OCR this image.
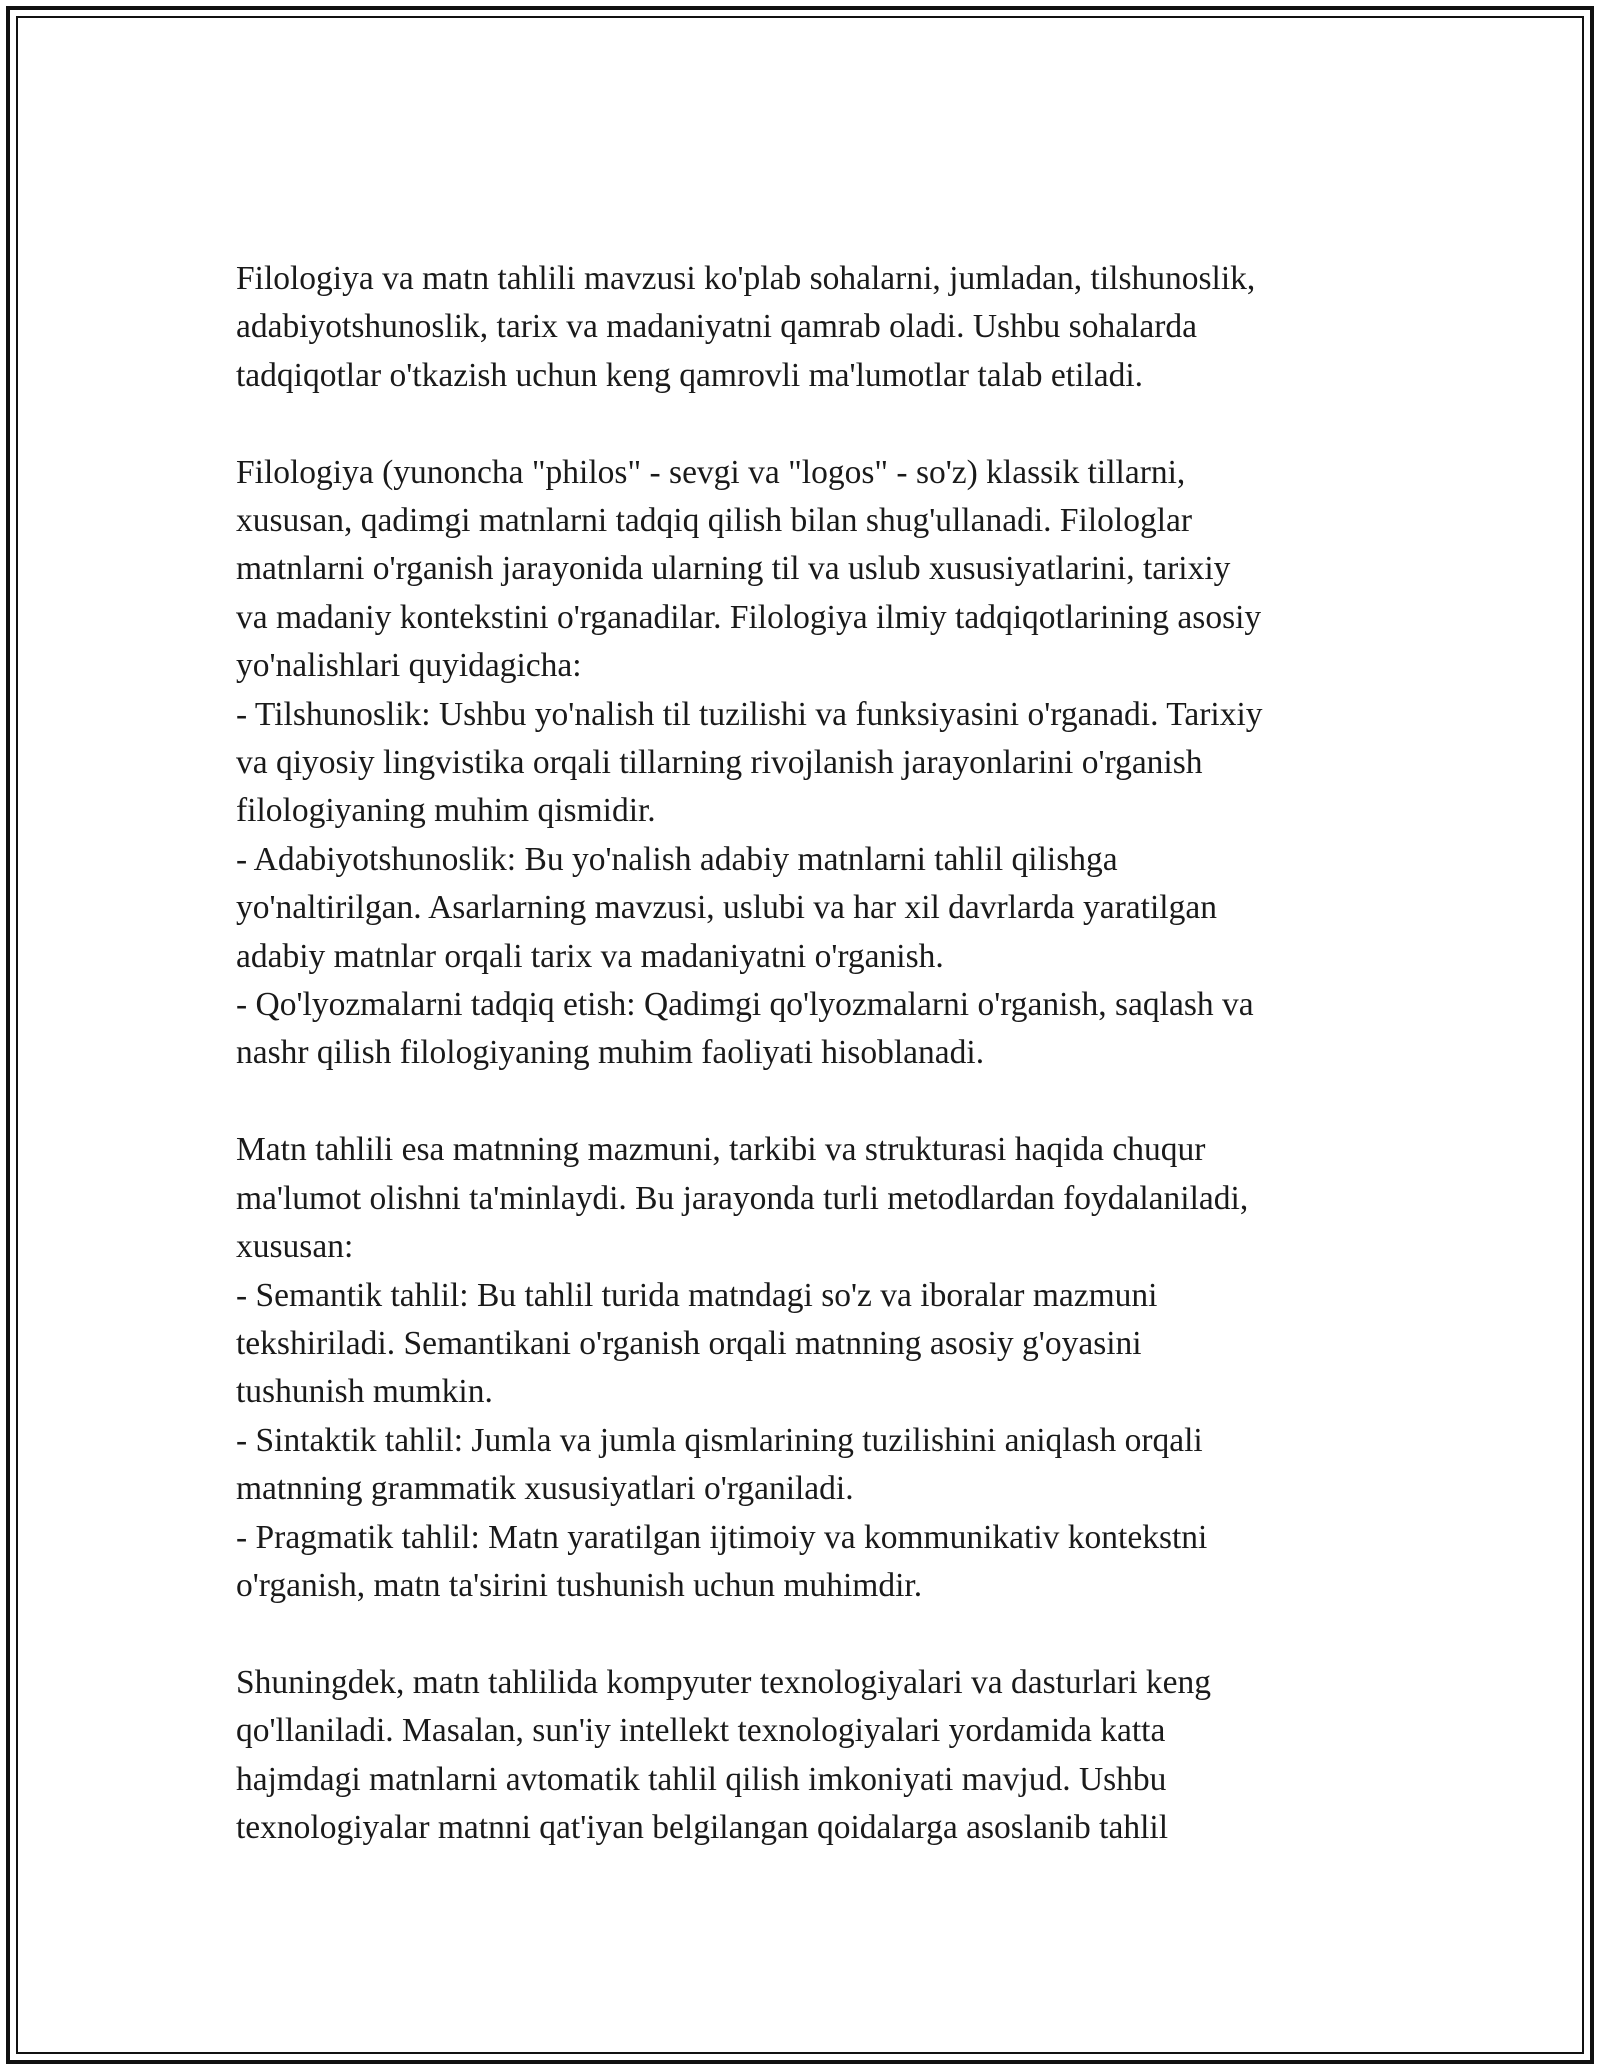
Filologiya va matn tahlili mavzusi ko'plab sohalarni, jumladan, tilshunoslik,
adabiyotshunoslik, tarix va madaniyatni qamrab oladi. Ushbu sohalarda
tadqiqotlar o'tkazish uchun keng qamrovli ma'lumotlar talab etiladi.
Filologiya (yunoncha "philos" - sevgi va "logos" - so'z) klassik tillarni,
xususan, qadimgi matnlarni tadqiq qilish bilan shug'ullanadi. Filologlar
matnlarni o'rganish jarayonida ularning til va uslub xususiyatlarini, tarixiy
va madaniy kontekstini o'rganadilar. Filologiya ilmiy tadqiqotlarining asosiy
yo'nalishlari quyidagicha:
- Tilshunoslik: Ushbu yo'nalish til tuzilishi va funksiyasini o'rganadi. Tarixiy
va qiyosiy lingvistika orqali tillarning rivojlanish jarayonlarini o'rganish
filologiyaning muhim qismidir.
- Adabiyotshunoslik: Bu yo'nalish adabiy matnlarni tahlil qilishga
yo'naltirilgan. Asarlarning mavzusi, uslubi va har xil davrlarda yaratilgan
adabiy matnlar orqali tarix va madaniyatni o'rganish.
- Qo'lyozmalarni tadqiq etish: Qadimgi qo'lyozmalarni o'rganish, saqlash va
nashr qilish filologiyaning muhim faoliyati hisoblanadi.
Matn tahlili esa matnning mazmuni, tarkibi va strukturasi haqida chuqur
ma'lumot olishni ta'minlaydi. Bu jarayonda turli metodlardan foydalaniladi,
xususan:
- Semantik tahlil: Bu tahlil turida matndagi so'z va iboralar mazmuni
tekshiriladi. Semantikani o'rganish orqali matnning asosiy g'oyasini
tushunish mumkin.
- Sintaktik tahlil: Jumla va jumla qismlarining tuzilishini aniqlash orqali
matnning grammatik xususiyatlari o'rganiladi.
- Pragmatik tahlil: Matn yaratilgan ijtimoiy va kommunikativ kontekstni
o'rganish, matn ta'sirini tushunish uchun muhimdir.
Shuningdek, matn tahlilida kompyuter texnologiyalari va dasturlari keng
qo'llaniladi. Masalan, sun'iy intellekt texnologiyalari yordamida katta
hajmdagi matnlarni avtomatik tahlil qilish imkoniyati mavjud. Ushbu
texnologiyalar matnni qat'iyan belgilangan qoidalarga asoslanib tahlil
